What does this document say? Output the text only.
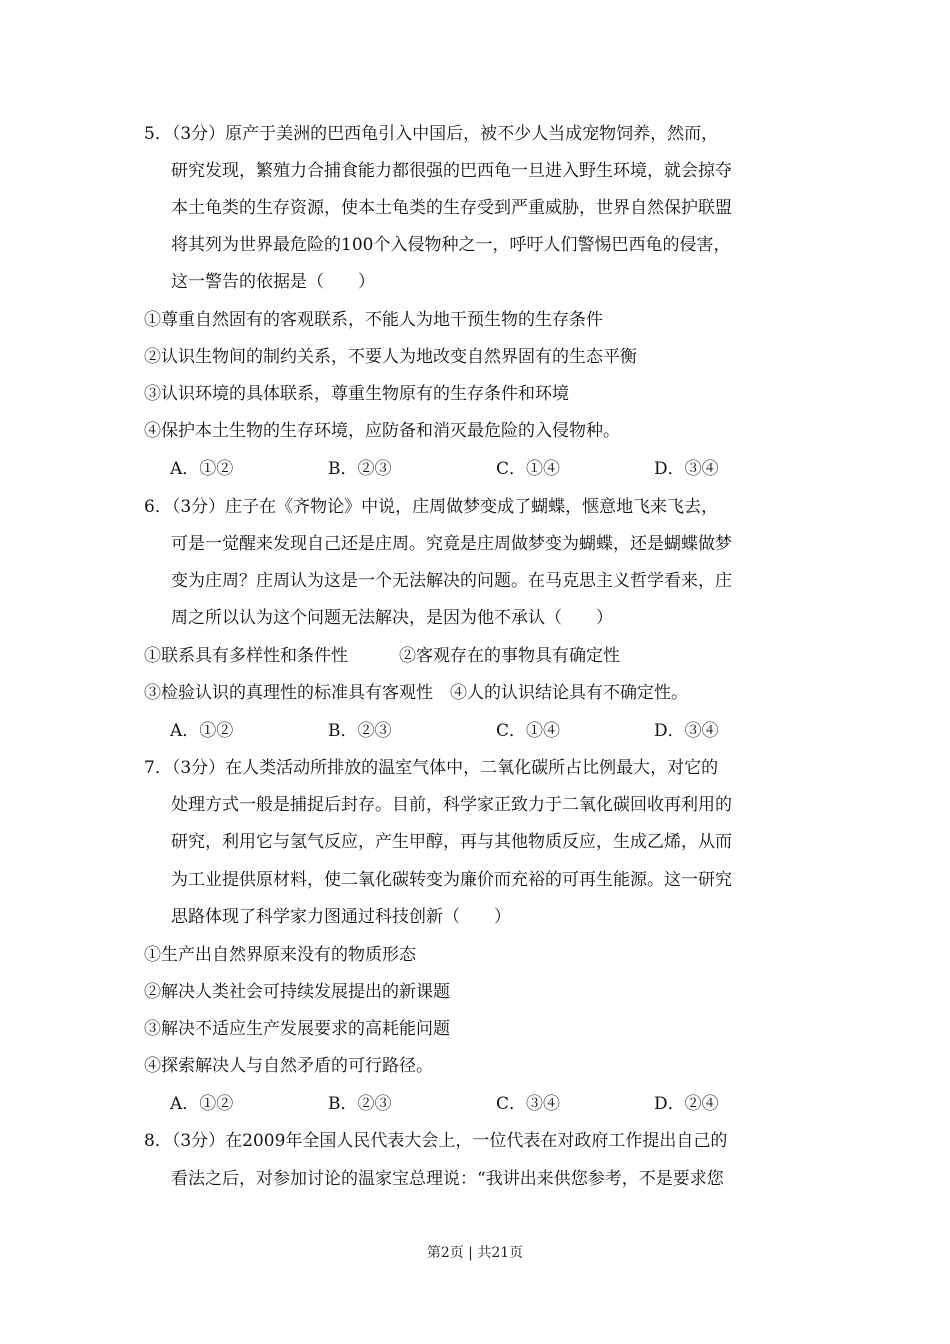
5．（3分）原产于美洲的巴西龟引入中国后，被不少人当成宠物饲养，然而，
研究发现，繁殖力合捕食能力都很强的巴西龟一旦进入野生环境，就会掠夺
本土龟类的生存资源，使本土龟类的生存受到严重威胁，世界自然保护联盟
将其列为世界最危险的100个入侵物种之一，呼吁人们警惕巴西龟的侵害，
这一警告的依据是（　　）
①尊重自然固有的客观联系，不能人为地干预生物的生存条件
②认识生物间的制约关系，不要人为地改变自然界固有的生态平衡
③认识环境的具体联系，尊重生物原有的生存条件和环境
④保护本土生物的生存环境，应防备和消灭最危险的入侵物种。
A．①②	B．②③	C．①④	D．③④
6．（3分）庄子在《齐物论》中说，庄周做梦变成了蝴蝶，惬意地飞来飞去，
可是一觉醒来发现自己还是庄周。究竟是庄周做梦变为蝴蝶，还是蝴蝶做梦
变为庄周？庄周认为这是一个无法解决的问题。在马克思主义哲学看来，庄
周之所以认为这个问题无法解决，是因为他不承认（　　）
①联系具有多样性和条件性　　　②客观存在的事物具有确定性
③检验认识的真理性的标准具有客观性　④人的认识结论具有不确定性。
A．①②	B．②③	C．①④	D．③④
7．（3分）在人类活动所排放的温室气体中，二氧化碳所占比例最大，对它的
处理方式一般是捕捉后封存。目前，科学家正致力于二氧化碳回收再利用的
研究，利用它与氢气反应，产生甲醇，再与其他物质反应，生成乙烯，从而
为工业提供原材料，使二氧化碳转变为廉价而充裕的可再生能源。这一研究
思路体现了科学家力图通过科技创新（　　）
①生产出自然界原来没有的物质形态
②解决人类社会可持续发展提出的新课题
③解决不适应生产发展要求的高耗能问题
④探索解决人与自然矛盾的可行路径。
A．①②	B．②③	C．③④	D．②④
8．（3分）在2009年全国人民代表大会上，一位代表在对政府工作提出自己的
看法之后，对参加讨论的温家宝总理说：“我讲出来供您参考，不是要求您
第2页 | 共21页
